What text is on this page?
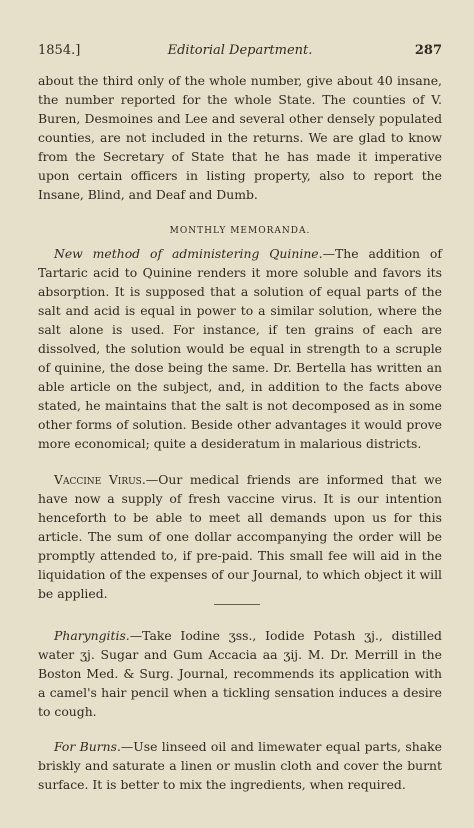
1854.]	Editorial Department.	287

about the third only of the whole number, give about 40 insane, the number reported for the whole State. The counties of V. Buren, Desmoines and Lee and several other densely populated counties, are not included in the returns. We are glad to know from the Secretary of State that he has made it imperative upon certain officers in listing property, also to report the Insane, Blind, and Deaf and Dumb.

MONTHLY MEMORANDA.

New method of administering Quinine.—The addition of Tartaric acid to Quinine renders it more soluble and favors its absorption. It is supposed that a solution of equal parts of the salt and acid is equal in power to a similar solution, where the salt alone is used. For instance, if ten grains of each are dissolved, the solution would be equal in strength to a scruple of quinine, the dose being the same. Dr. Bertella has written an able article on the subject, and, in addition to the facts above stated, he maintains that the salt is not decomposed as in some other forms of solution. Beside other advantages it would prove more economical; quite a desideratum in malarious districts.

Vaccine Virus.—Our medical friends are informed that we have now a supply of fresh vaccine virus. It is our intention henceforth to be able to meet all demands upon us for this article. The sum of one dollar accompanying the order will be promptly attended to, if pre-paid. This small fee will aid in the liquidation of the expenses of our Journal, to which object it will be applied.

Pharyngitis.—Take Iodine ʒss., Iodide Potash ʒj., distilled water ʒj. Sugar and Gum Accacia aa ʒij. M. Dr. Merrill in the Boston Med. & Surg. Journal, recommends its application with a camel's hair pencil when a tickling sensation induces a desire to cough.

For Burns.—Use linseed oil and limewater equal parts, shake briskly and saturate a linen or muslin cloth and cover the burnt surface. It is better to mix the ingredients, when required.
